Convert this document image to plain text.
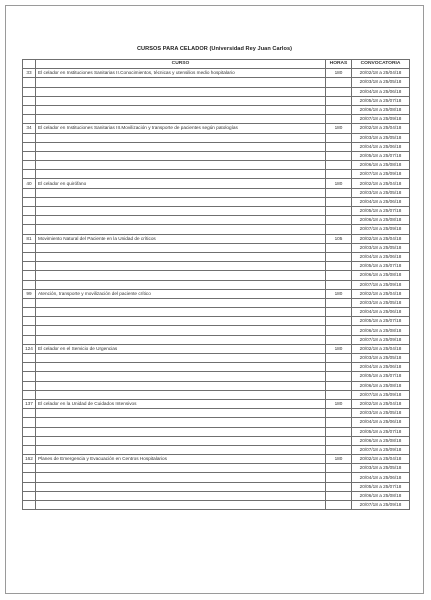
CURSOS PARA CELADOR (Universidad Rey Juan Carlos)
	CURSO	HORAS	CONVOCATORIA
33	El celador en Instituciones Sanitarias II.Conocimientos, técnicas y utensilios medio hospitalario	180	20/02/18 a 25/04/18
			20/03/18 a 25/05/18
			20/04/18 a 25/06/18
			20/05/18 a 25/07/18
			20/06/18 a 25/08/18
			20/07/18 a 25/09/18
34	El celador en Instituciones Sanitarias III.Movilización y transporte de pacientes según patologías	180	20/02/18 a 25/04/18
			20/03/18 a 25/05/18
			20/04/18 a 25/06/18
			20/05/18 a 25/07/18
			20/06/18 a 25/08/18
			20/07/18 a 25/09/18
40	El celador en quirófano	180	20/02/18 a 25/04/18
			20/03/18 a 25/05/18
			20/04/18 a 25/06/18
			20/05/18 a 25/07/18
			20/06/18 a 25/08/18
			20/07/18 a 25/09/18
81	Movimiento Natural del Paciente en la Unidad de críticos	105	20/02/18 a 25/04/18
			20/03/18 a 25/05/18
			20/04/18 a 25/06/18
			20/05/18 a 25/07/18
			20/06/18 a 25/08/18
			20/07/18 a 25/09/18
99	Atención, transporte y movilización del paciente crítico	180	20/02/18 a 25/04/18
			20/03/18 a 25/05/18
			20/04/18 a 25/06/18
			20/05/18 a 25/07/18
			20/06/18 a 25/08/18
			20/07/18 a 25/09/18
124	El celador en el Servicio de Urgencias	180	20/02/18 a 25/04/18
			20/03/18 a 25/05/18
			20/04/18 a 25/06/18
			20/05/18 a 25/07/18
			20/06/18 a 25/08/18
			20/07/18 a 25/09/18
137	El celador en la Unidad de Cuidados Intensivos	180	20/02/18 a 25/04/18
			20/03/18 a 25/05/18
			20/04/18 a 25/06/18
			20/05/18 a 25/07/18
			20/06/18 a 25/08/18
			20/07/18 a 25/09/18
162	Planes de Emergencia y Evacuación en Centros Hospitalarios	180	20/02/18 a 25/04/18
			20/03/18 a 25/05/18
			20/04/18 a 25/06/18
			20/05/18 a 25/07/18
			20/06/18 a 25/08/18
			20/07/18 a 25/09/18
